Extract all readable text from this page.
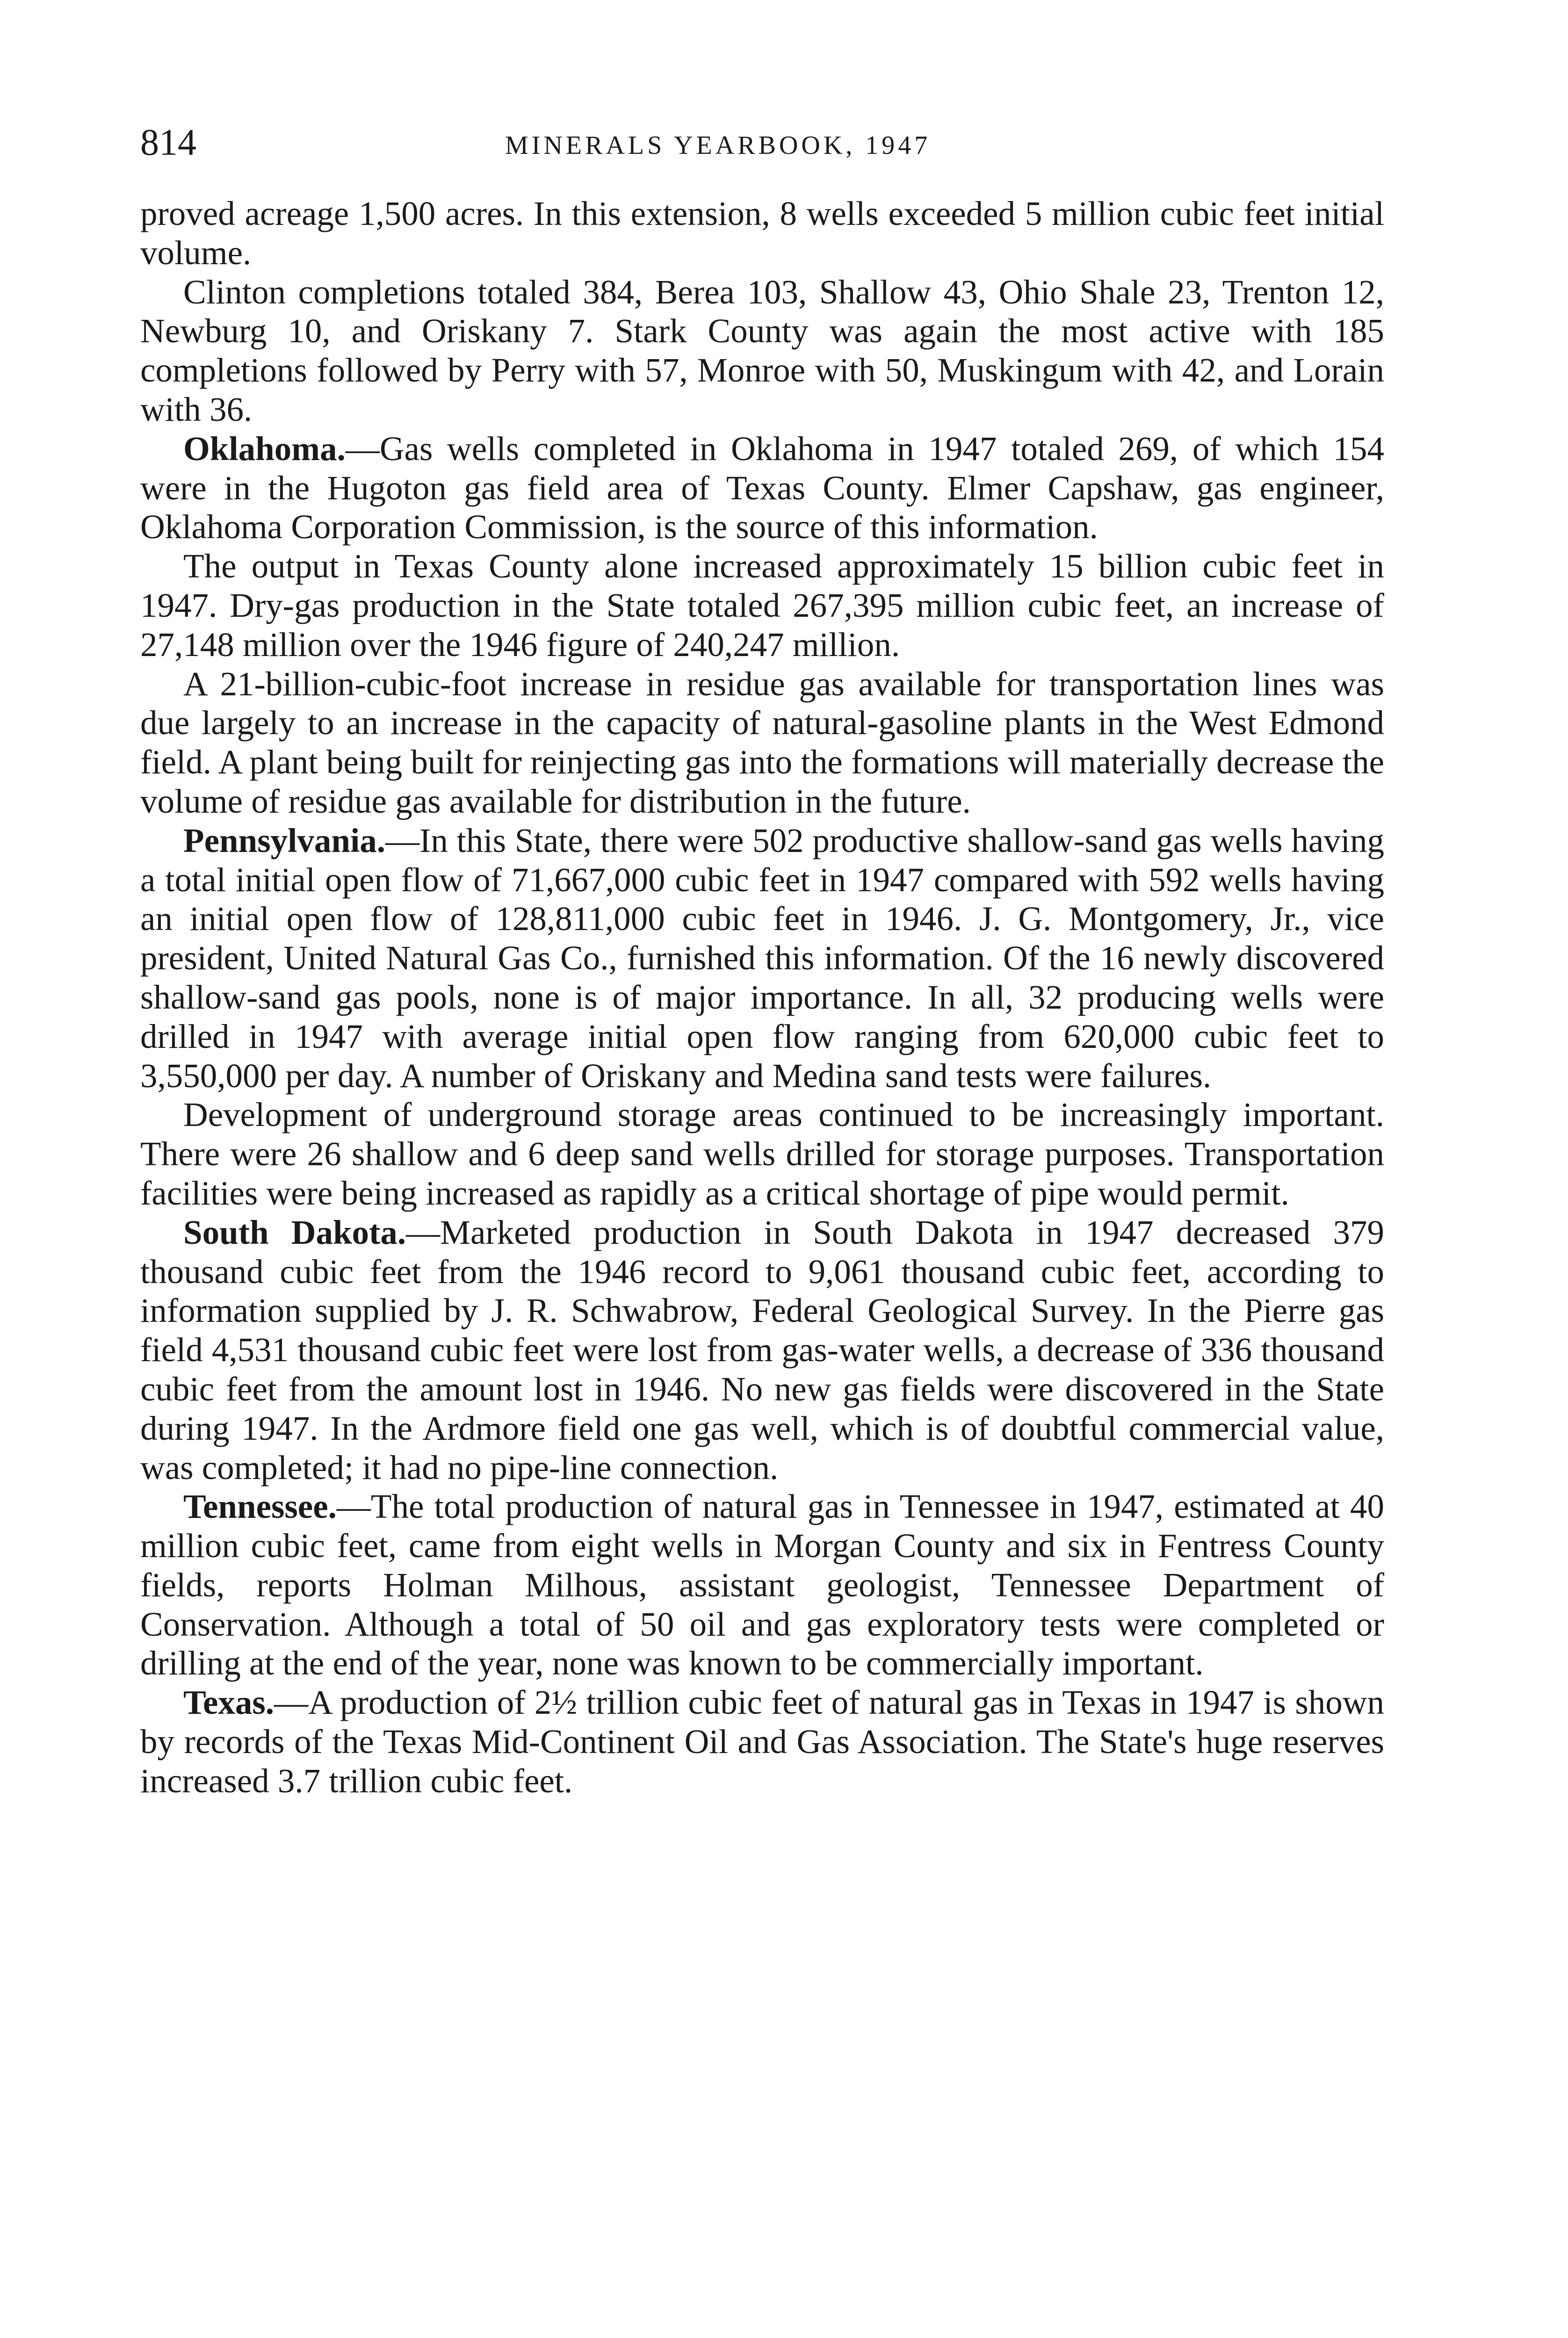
814	MINERALS YEARBOOK, 1947

proved acreage 1,500 acres. In this extension, 8 wells exceeded 5 million cubic feet initial volume.

Clinton completions totaled 384, Berea 103, Shallow 43, Ohio Shale 23, Trenton 12, Newburg 10, and Oriskany 7. Stark County was again the most active with 185 completions followed by Perry with 57, Monroe with 50, Muskingum with 42, and Lorain with 36.

Oklahoma.—Gas wells completed in Oklahoma in 1947 totaled 269, of which 154 were in the Hugoton gas field area of Texas County. Elmer Capshaw, gas engineer, Oklahoma Corporation Commission, is the source of this information.

The output in Texas County alone increased approximately 15 billion cubic feet in 1947. Dry-gas production in the State totaled 267,395 million cubic feet, an increase of 27,148 million over the 1946 figure of 240,247 million.

A 21-billion-cubic-foot increase in residue gas available for transportation lines was due largely to an increase in the capacity of natural-gasoline plants in the West Edmond field. A plant being built for reinjecting gas into the formations will materially decrease the volume of residue gas available for distribution in the future.

Pennsylvania.—In this State, there were 502 productive shallow-sand gas wells having a total initial open flow of 71,667,000 cubic feet in 1947 compared with 592 wells having an initial open flow of 128,811,000 cubic feet in 1946. J. G. Montgomery, Jr., vice president, United Natural Gas Co., furnished this information. Of the 16 newly discovered shallow-sand gas pools, none is of major importance. In all, 32 producing wells were drilled in 1947 with average initial open flow ranging from 620,000 cubic feet to 3,550,000 per day. A number of Oriskany and Medina sand tests were failures.

Development of underground storage areas continued to be increasingly important. There were 26 shallow and 6 deep sand wells drilled for storage purposes. Transportation facilities were being increased as rapidly as a critical shortage of pipe would permit.

South Dakota.—Marketed production in South Dakota in 1947 decreased 379 thousand cubic feet from the 1946 record to 9,061 thousand cubic feet, according to information supplied by J. R. Schwabrow, Federal Geological Survey. In the Pierre gas field 4,531 thousand cubic feet were lost from gas-water wells, a decrease of 336 thousand cubic feet from the amount lost in 1946. No new gas fields were discovered in the State during 1947. In the Ardmore field one gas well, which is of doubtful commercial value, was completed; it had no pipe-line connection.

Tennessee.—The total production of natural gas in Tennessee in 1947, estimated at 40 million cubic feet, came from eight wells in Morgan County and six in Fentress County fields, reports Holman Milhous, assistant geologist, Tennessee Department of Conservation. Although a total of 50 oil and gas exploratory tests were completed or drilling at the end of the year, none was known to be commercially important.

Texas.—A production of 2½ trillion cubic feet of natural gas in Texas in 1947 is shown by records of the Texas Mid-Continent Oil and Gas Association. The State's huge reserves increased 3.7 trillion cubic feet.
